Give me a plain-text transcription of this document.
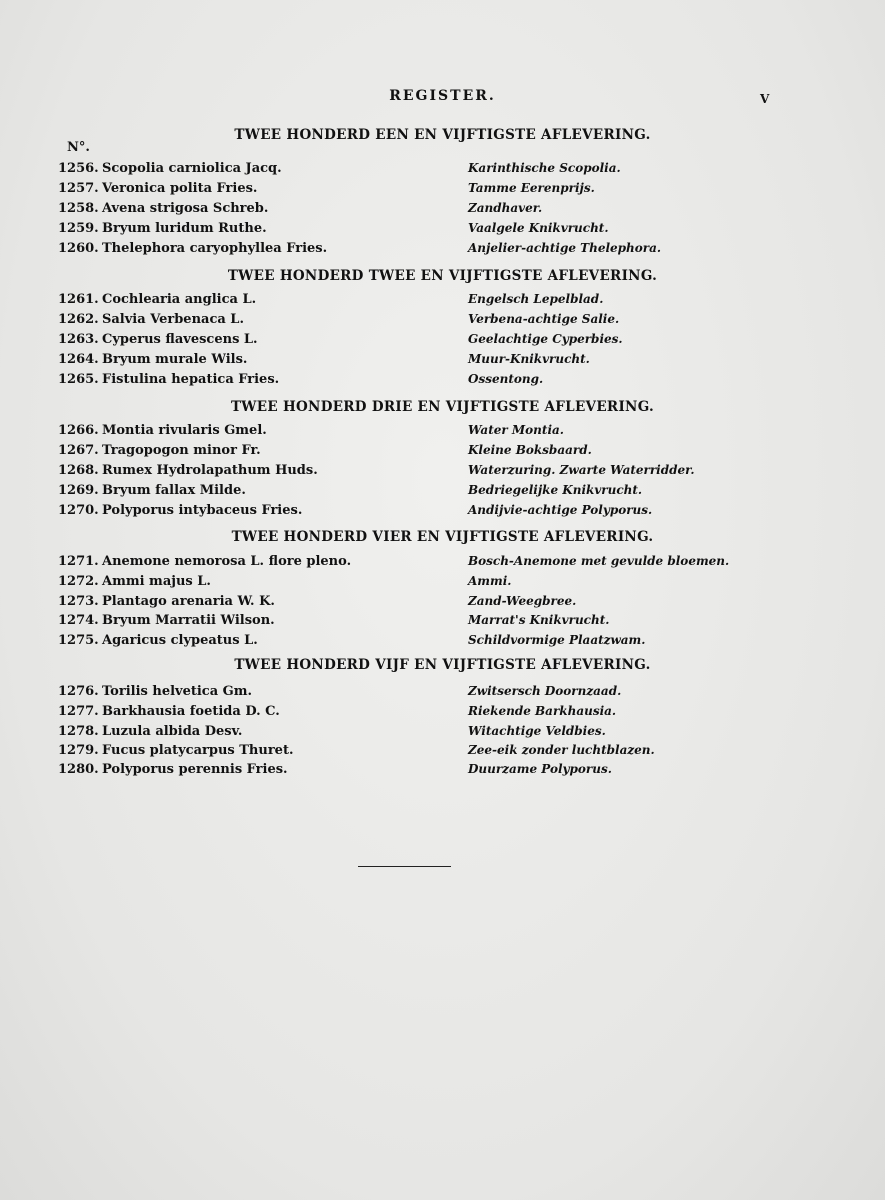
REGISTER.	V
N°.
TWEE HONDERD EEN EN VIJFTIGSTE AFLEVERING.
1256. Scopolia carniolica Jacq.	Karinthische Scopolia.
1257. Veronica polita Fries.	Tamme Eerenprijs.
1258. Avena strigosa Schreb.	Zandhaver.
1259. Bryum luridum Ruthe.	Vaalgele Knikvrucht.
1260. Thelephora caryophyllea Fries.	Anjelier-achtige Thelephora.
TWEE HONDERD TWEE EN VIJFTIGSTE AFLEVERING.
1261. Cochlearia anglica L.	Engelsch Lepelblad.
1262. Salvia Verbenaca L.	Verbena-achtige Salie.
1263. Cyperus flavescens L.	Geelachtige Cyperbies.
1264. Bryum murale Wils.	Muur-Knikvrucht.
1265. Fistulina hepatica Fries.	Ossentong.
TWEE HONDERD DRIE EN VIJFTIGSTE AFLEVERING.
1266. Montia rivularis Gmel.	Water Montia.
1267. Tragopogon minor Fr.	Kleine Boksbaard.
1268. Rumex Hydrolapathum Huds.	Waterzuring. Zwarte Waterridder.
1269. Bryum fallax Milde.	Bedriegelijke Knikvrucht.
1270. Polyporus intybaceus Fries.	Andijvie-achtige Polyporus.
TWEE HONDERD VIER EN VIJFTIGSTE AFLEVERING.
1271. Anemone nemorosa L. flore pleno.	Bosch-Anemone met gevulde bloemen.
1272. Ammi majus L.	Ammi.
1273. Plantago arenaria W. K.	Zand-Weegbree.
1274. Bryum Marratii Wilson.	Marrat's Knikvrucht.
1275. Agaricus clypeatus L.	Schildvormige Plaatzwam.
TWEE HONDERD VIJF EN VIJFTIGSTE AFLEVERING.
1276. Torilis helvetica Gm.	Zwitsersch Doornzaad.
1277. Barkhausia foetida D. C.	Riekende Barkhausia.
1278. Luzula albida Desv.	Witachtige Veldbies.
1279. Fucus platycarpus Thuret.	Zee-eik zonder luchtblazen.
1280. Polyporus perennis Fries.	Duurzame Polyporus.
